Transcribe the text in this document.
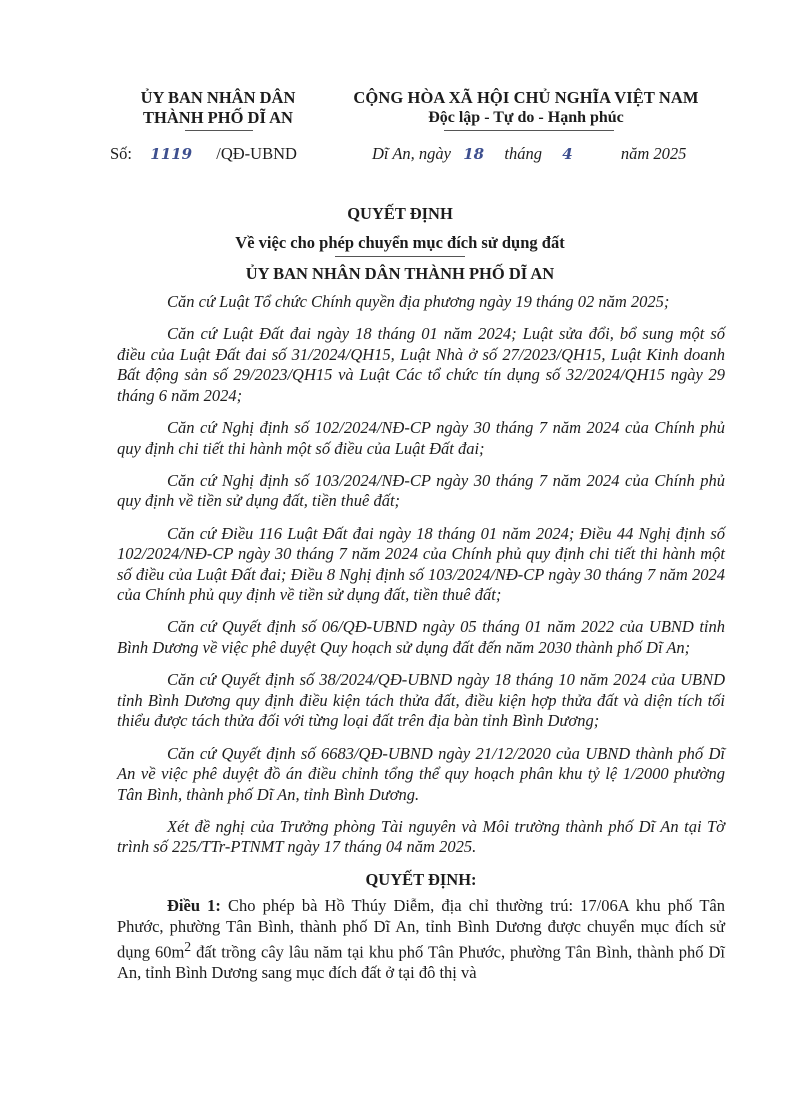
ỦY BAN NHÂN DÂN
THÀNH PHỐ DĨ AN
CỘNG HÒA XÃ HỘI CHỦ NGHĨA VIỆT NAM
Độc lập - Tự do - Hạnh phúc
Số: 1119 /QĐ-UBND	Dĩ An, ngày 18 tháng 4	năm 2025
QUYẾT ĐỊNH
Về việc cho phép chuyển mục đích sử dụng đất
ỦY BAN NHÂN DÂN THÀNH PHỐ DĨ AN

Căn cứ Luật Tổ chức Chính quyền địa phương ngày 19 tháng 02 năm 2025;

Căn cứ Luật Đất đai ngày 18 tháng 01 năm 2024; Luật sửa đổi, bổ sung một số điều của Luật Đất đai số 31/2024/QH15, Luật Nhà ở số 27/2023/QH15, Luật Kinh doanh Bất động sản số 29/2023/QH15 và Luật Các tổ chức tín dụng số 32/2024/QH15 ngày 29 tháng 6 năm 2024;

Căn cứ Nghị định số 102/2024/NĐ-CP ngày 30 tháng 7 năm 2024 của Chính phủ quy định chi tiết thi hành một số điều của Luật Đất đai;

Căn cứ Nghị định số 103/2024/NĐ-CP ngày 30 tháng 7 năm 2024 của Chính phủ quy định về tiền sử dụng đất, tiền thuê đất;

Căn cứ Điều 116 Luật Đất đai ngày 18 tháng 01 năm 2024; Điều 44 Nghị định số 102/2024/NĐ-CP ngày 30 tháng 7 năm 2024 của Chính phủ quy định chi tiết thi hành một số điều của Luật Đất đai; Điều 8 Nghị định số 103/2024/NĐ-CP ngày 30 tháng 7 năm 2024 của Chính phủ quy định về tiền sử dụng đất, tiền thuê đất;

Căn cứ Quyết định số 06/QĐ-UBND ngày 05 tháng 01 năm 2022 của UBND tỉnh Bình Dương về việc phê duyệt Quy hoạch sử dụng đất đến năm 2030 thành phố Dĩ An;

Căn cứ Quyết định số 38/2024/QĐ-UBND ngày 18 tháng 10 năm 2024 của UBND tỉnh Bình Dương quy định điều kiện tách thửa đất, điều kiện hợp thửa đất và diện tích tối thiểu được tách thửa đối với từng loại đất trên địa bàn tỉnh Bình Dương;

Căn cứ Quyết định số 6683/QĐ-UBND ngày 21/12/2020 của UBND thành phố Dĩ An về việc phê duyệt đồ án điều chỉnh tổng thể quy hoạch phân khu tỷ lệ 1/2000 phường Tân Bình, thành phố Dĩ An, tỉnh Bình Dương.

Xét đề nghị của Trưởng phòng Tài nguyên và Môi trường thành phố Dĩ An tại Tờ trình số 225/TTr-PTNMT ngày 17 tháng 04 năm 2025.

QUYẾT ĐỊNH:

Điều 1: Cho phép bà Hồ Thúy Diễm, địa chỉ thường trú: 17/06A khu phố Tân Phước, phường Tân Bình, thành phố Dĩ An, tỉnh Bình Dương được chuyển mục đích sử dụng $60m^2$ đất trồng cây lâu năm tại khu phố Tân Phước, phường Tân Bình, thành phố Dĩ An, tỉnh Bình Dương sang mục đích đất ở tại đô thị và
